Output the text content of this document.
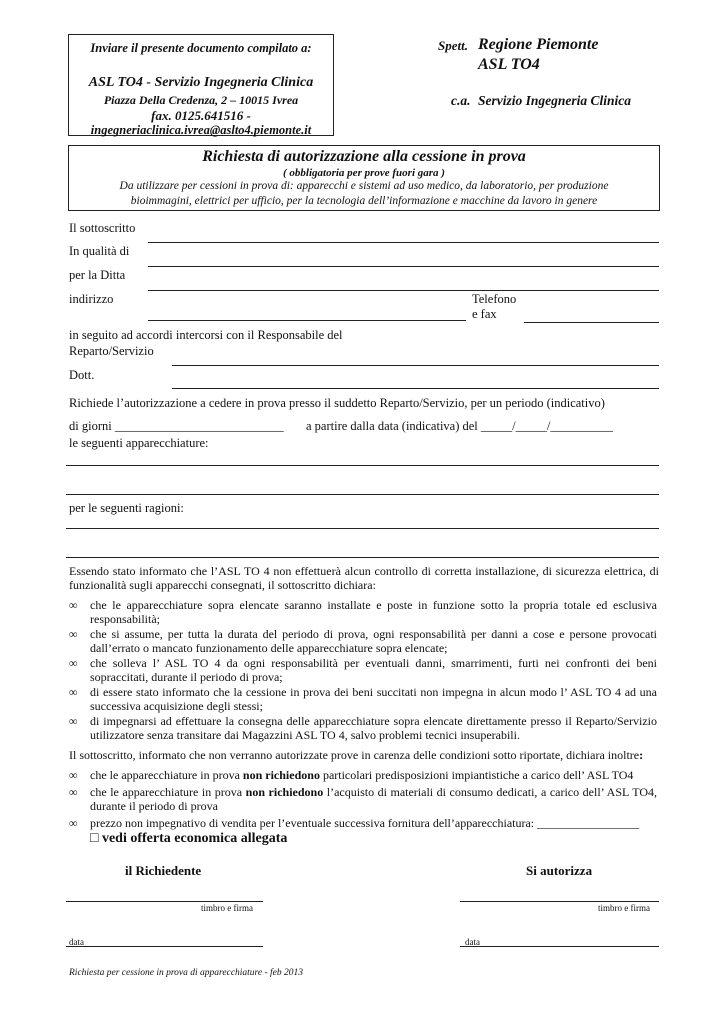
Inviare il presente documento compilato a:
ASL TO4 - Servizio Ingegneria Clinica
Piazza Della Credenza, 2 – 10015 Ivrea
fax. 0125.641516 -
ingegneriaclinica.ivrea@aslto4.piemonte.it
Spett. Regione Piemonte
ASL TO4
c.a. Servizio Ingegneria Clinica
Richiesta di autorizzazione alla cessione in prova
( obbligatoria per prove fuori gara )
Da utilizzare per cessioni in prova di: apparecchi e sistemi ad uso medico, da laboratorio, per produzione
bioimmagini, elettrici per ufficio, per la tecnologia dell’informazione e macchine da lavoro in genere
Il sottoscritto
In qualità di
per la Ditta
indirizzo	Telefono
e fax
in seguito ad accordi intercorsi con il Responsabile del
Reparto/Servizio
Dott.
Richiede l’autorizzazione a cedere in prova presso il suddetto Reparto/Servizio, per un periodo (indicativo)
di giorni ___________________________ a partire dalla data (indicativa) del _____/_____/__________
le seguenti apparecchiature:
per le seguenti ragioni:
Essendo stato informato che l’ASL TO 4 non effettuerà alcun controllo di corretta installazione, di sicurezza elettrica, di funzionalità sugli apparecchi consegnati, il sottoscritto dichiara:
∞ che le apparecchiature sopra elencate saranno installate e poste in funzione sotto la propria totale ed esclusiva responsabilità;
∞ che si assume, per tutta la durata del periodo di prova, ogni responsabilità per danni a cose e persone provocati dall’errato o mancato funzionamento delle apparecchiature sopra elencate;
∞ che solleva l’ ASL TO 4 da ogni responsabilità per eventuali danni, smarrimenti, furti nei confronti dei beni sopraccitati, durante il periodo di prova;
∞ di essere stato informato che la cessione in prova dei beni succitati non impegna in alcun modo l’ ASL TO 4 ad una successiva acquisizione degli stessi;
∞ di impegnarsi ad effettuare la consegna delle apparecchiature sopra elencate direttamente presso il Reparto/Servizio utilizzatore senza transitare dai Magazzini ASL TO 4, salvo problemi tecnici insuperabili.
Il sottoscritto, informato che non verranno autorizzate prove in carenza delle condizioni sotto riportate, dichiara inoltre:
∞ che le apparecchiature in prova non richiedono particolari predisposizioni impiantistiche a carico dell’ ASL TO4
∞ che le apparecchiature in prova non richiedono l’acquisto di materiali di consumo dedicati, a carico dell’ ASL TO4, durante il periodo di prova
∞ prezzo non impegnativo di vendita per l’eventuale successiva fornitura dell’apparecchiatura: _________________
□ vedi offerta economica allegata
il Richiedente	Si autorizza
timbro e firma	timbro e firma
data	data
Richiesta per cessione in prova di apparecchiature - feb 2013
